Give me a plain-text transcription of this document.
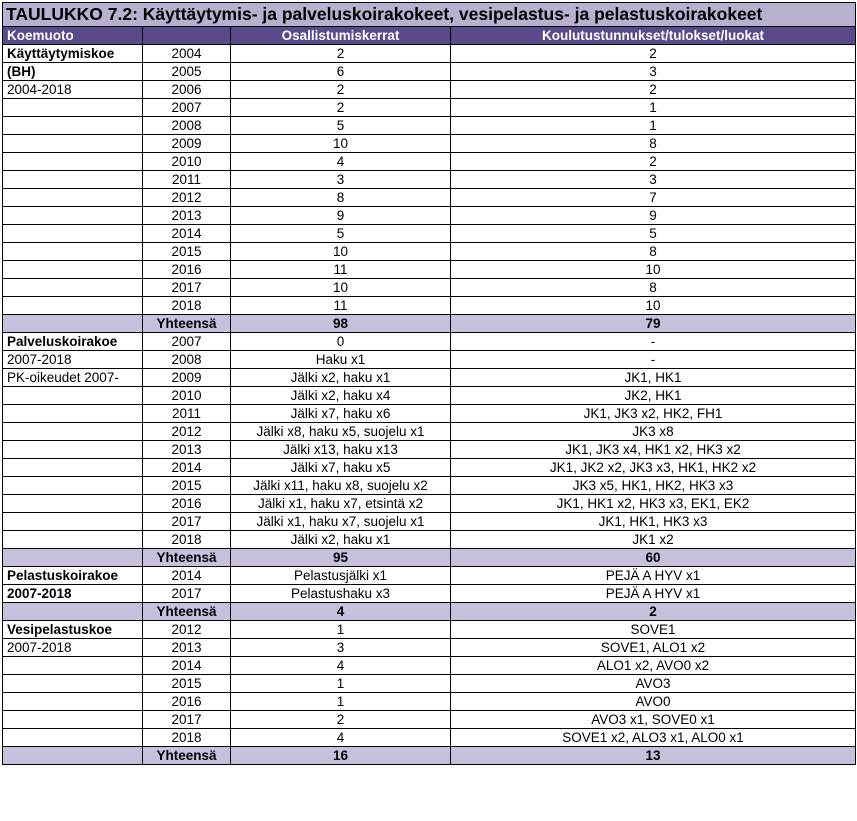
TAULUKKO 7.2: Käyttäytymis- ja palveluskoirakokeet, vesipelastus- ja pelastuskoirakokeet			
Koemuoto		Osallistumiskerrat	Koulutustunnukset/tulokset/luokat
Käyttäytymiskoe	2004	2	2
(BH)	2005	6	3
2004-2018	2006	2	2
	2007	2	1
	2008	5	1
	2009	10	8
	2010	4	2
	2011	3	3
	2012	8	7
	2013	9	9
	2014	5	5
	2015	10	8
	2016	11	10
	2017	10	8
	2018	11	10
	Yhteensä	98	79
Palveluskoirakoe	2007	0	-
2007-2018	2008	Haku x1	-
PK-oikeudet 2007-	2009	Jälki x2, haku x1	JK1, HK1
	2010	Jälki x2, haku x4	JK2, HK1
	2011	Jälki x7, haku x6	JK1, JK3 x2, HK2, FH1
	2012	Jälki x8, haku x5, suojelu x1	JK3 x8
	2013	Jälki x13, haku x13	JK1, JK3 x4, HK1 x2, HK3 x2
	2014	Jälki x7, haku x5	JK1, JK2 x2, JK3 x3, HK1, HK2 x2
	2015	Jälki x11, haku x8, suojelu x2	JK3 x5, HK1, HK2, HK3 x3
	2016	Jälki x1, haku x7, etsintä x2	JK1, HK1 x2, HK3 x3, EK1, EK2
	2017	Jälki x1, haku x7, suojelu x1	JK1, HK1, HK3 x3
	2018	Jälki x2, haku x1	JK1 x2
	Yhteensä	95	60
Pelastuskoirakoe	2014	Pelastusjälki x1	PEJÄ A HYV x1
2007-2018	2017	Pelastushaku x3	PEJÄ A HYV x1
	Yhteensä	4	2
Vesipelastuskoe	2012	1	SOVE1
2007-2018	2013	3	SOVE1, ALO1 x2
	2014	4	ALO1 x2, AVO0 x2
	2015	1	AVO3
	2016	1	AVO0
	2017	2	AVO3 x1, SOVE0 x1
	2018	4	SOVE1 x2, ALO3 x1, ALO0 x1
	Yhteensä	16	13
